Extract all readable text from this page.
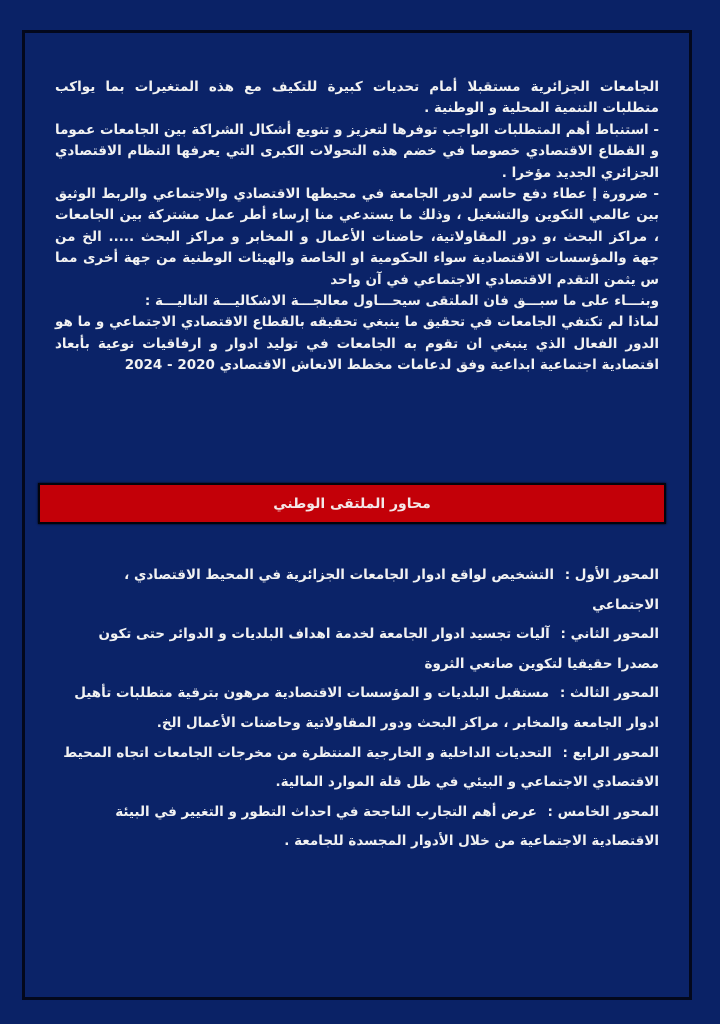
الجامعات الجزائرية مستقبلا أمام تحديات كبيرة للتكيف مع هذه المتغيرات بما يواكب متطلبات التنمية المحلية و الوطنية .

- استنباط أهم المتطلبات الواجب توفرها لتعزيز و تنويع أشكال الشراكة بين الجامعات عموما و القطاع الاقتصادي خصوصا في خضم هذه التحولات الكبرى التي يعرفها النظام الاقتصادي الجزائري الجديد مؤخرا .

- ضرورة إ عطاء دفع حاسم لدور الجامعة في محيطها الاقتصادي والاجتماعي والربط الوثيق بين عالمي التكوين والتشغيل ، وذلك ما يستدعي منا إرساء أطر عمل مشتركة بين الجامعات ، مراكز البحث ،و دور المقاولاتية، حاضنات الأعمال و المخابر و مراكز البحث ..... الخ من جهة والمؤسسات الاقتصادية سواء الحكومية او الخاصة والهيئات الوطنية من جهة أخرى مما س يثمن التقدم الاقتصادي الاجتماعي في آن واحد

وبنـــاء على ما سبـــق فان الملتقى سيحـــاول معالجـــة الاشكاليـــة التاليـــة :

لماذا لم تكتفي الجامعات في تحقيق ما ينبغي تحقيقه بالقطاع الاقتصادي الاجتماعي و ما هو الدور الفعال الذي ينبغي ان تقوم به الجامعات في توليد ادوار و ارفاقيات نوعية بأبعاد اقتصادية اجتماعية ابداعية وفق لدعامات مخطط الانعاش الاقتصادي 2020 - 2024

محاور الملتقى الوطني

المحور الأول : التشخيص لواقع ادوار الجامعات الجزائرية في المحيط الاقتصادي ، الاجتماعي

المحور الثاني : آليات تجسيد ادوار الجامعة لخدمة اهداف البلديات و الدوائر حتى تكون مصدرا حقيقيا لتكوين صانعي الثروة

المحور الثالث : مستقبل البلديات و المؤسسات الاقتصادية مرهون بترقية متطلبات تأهيل ادوار الجامعة والمخابر ، مراكز البحث ودور المقاولاتية وحاضنات الأعمال الخ.

المحور الرابع : التحديات الداخلية و الخارجية المنتظرة من مخرجات الجامعات اتجاه المحيط الاقتصادي الاجتماعي و البيئي في ظل قلة الموارد المالية.

المحور الخامس : عرض أهم التجارب الناجحة في احداث التطور و التغيير في البيئة الاقتصادية الاجتماعية من خلال الأدوار المجسدة للجامعة .
